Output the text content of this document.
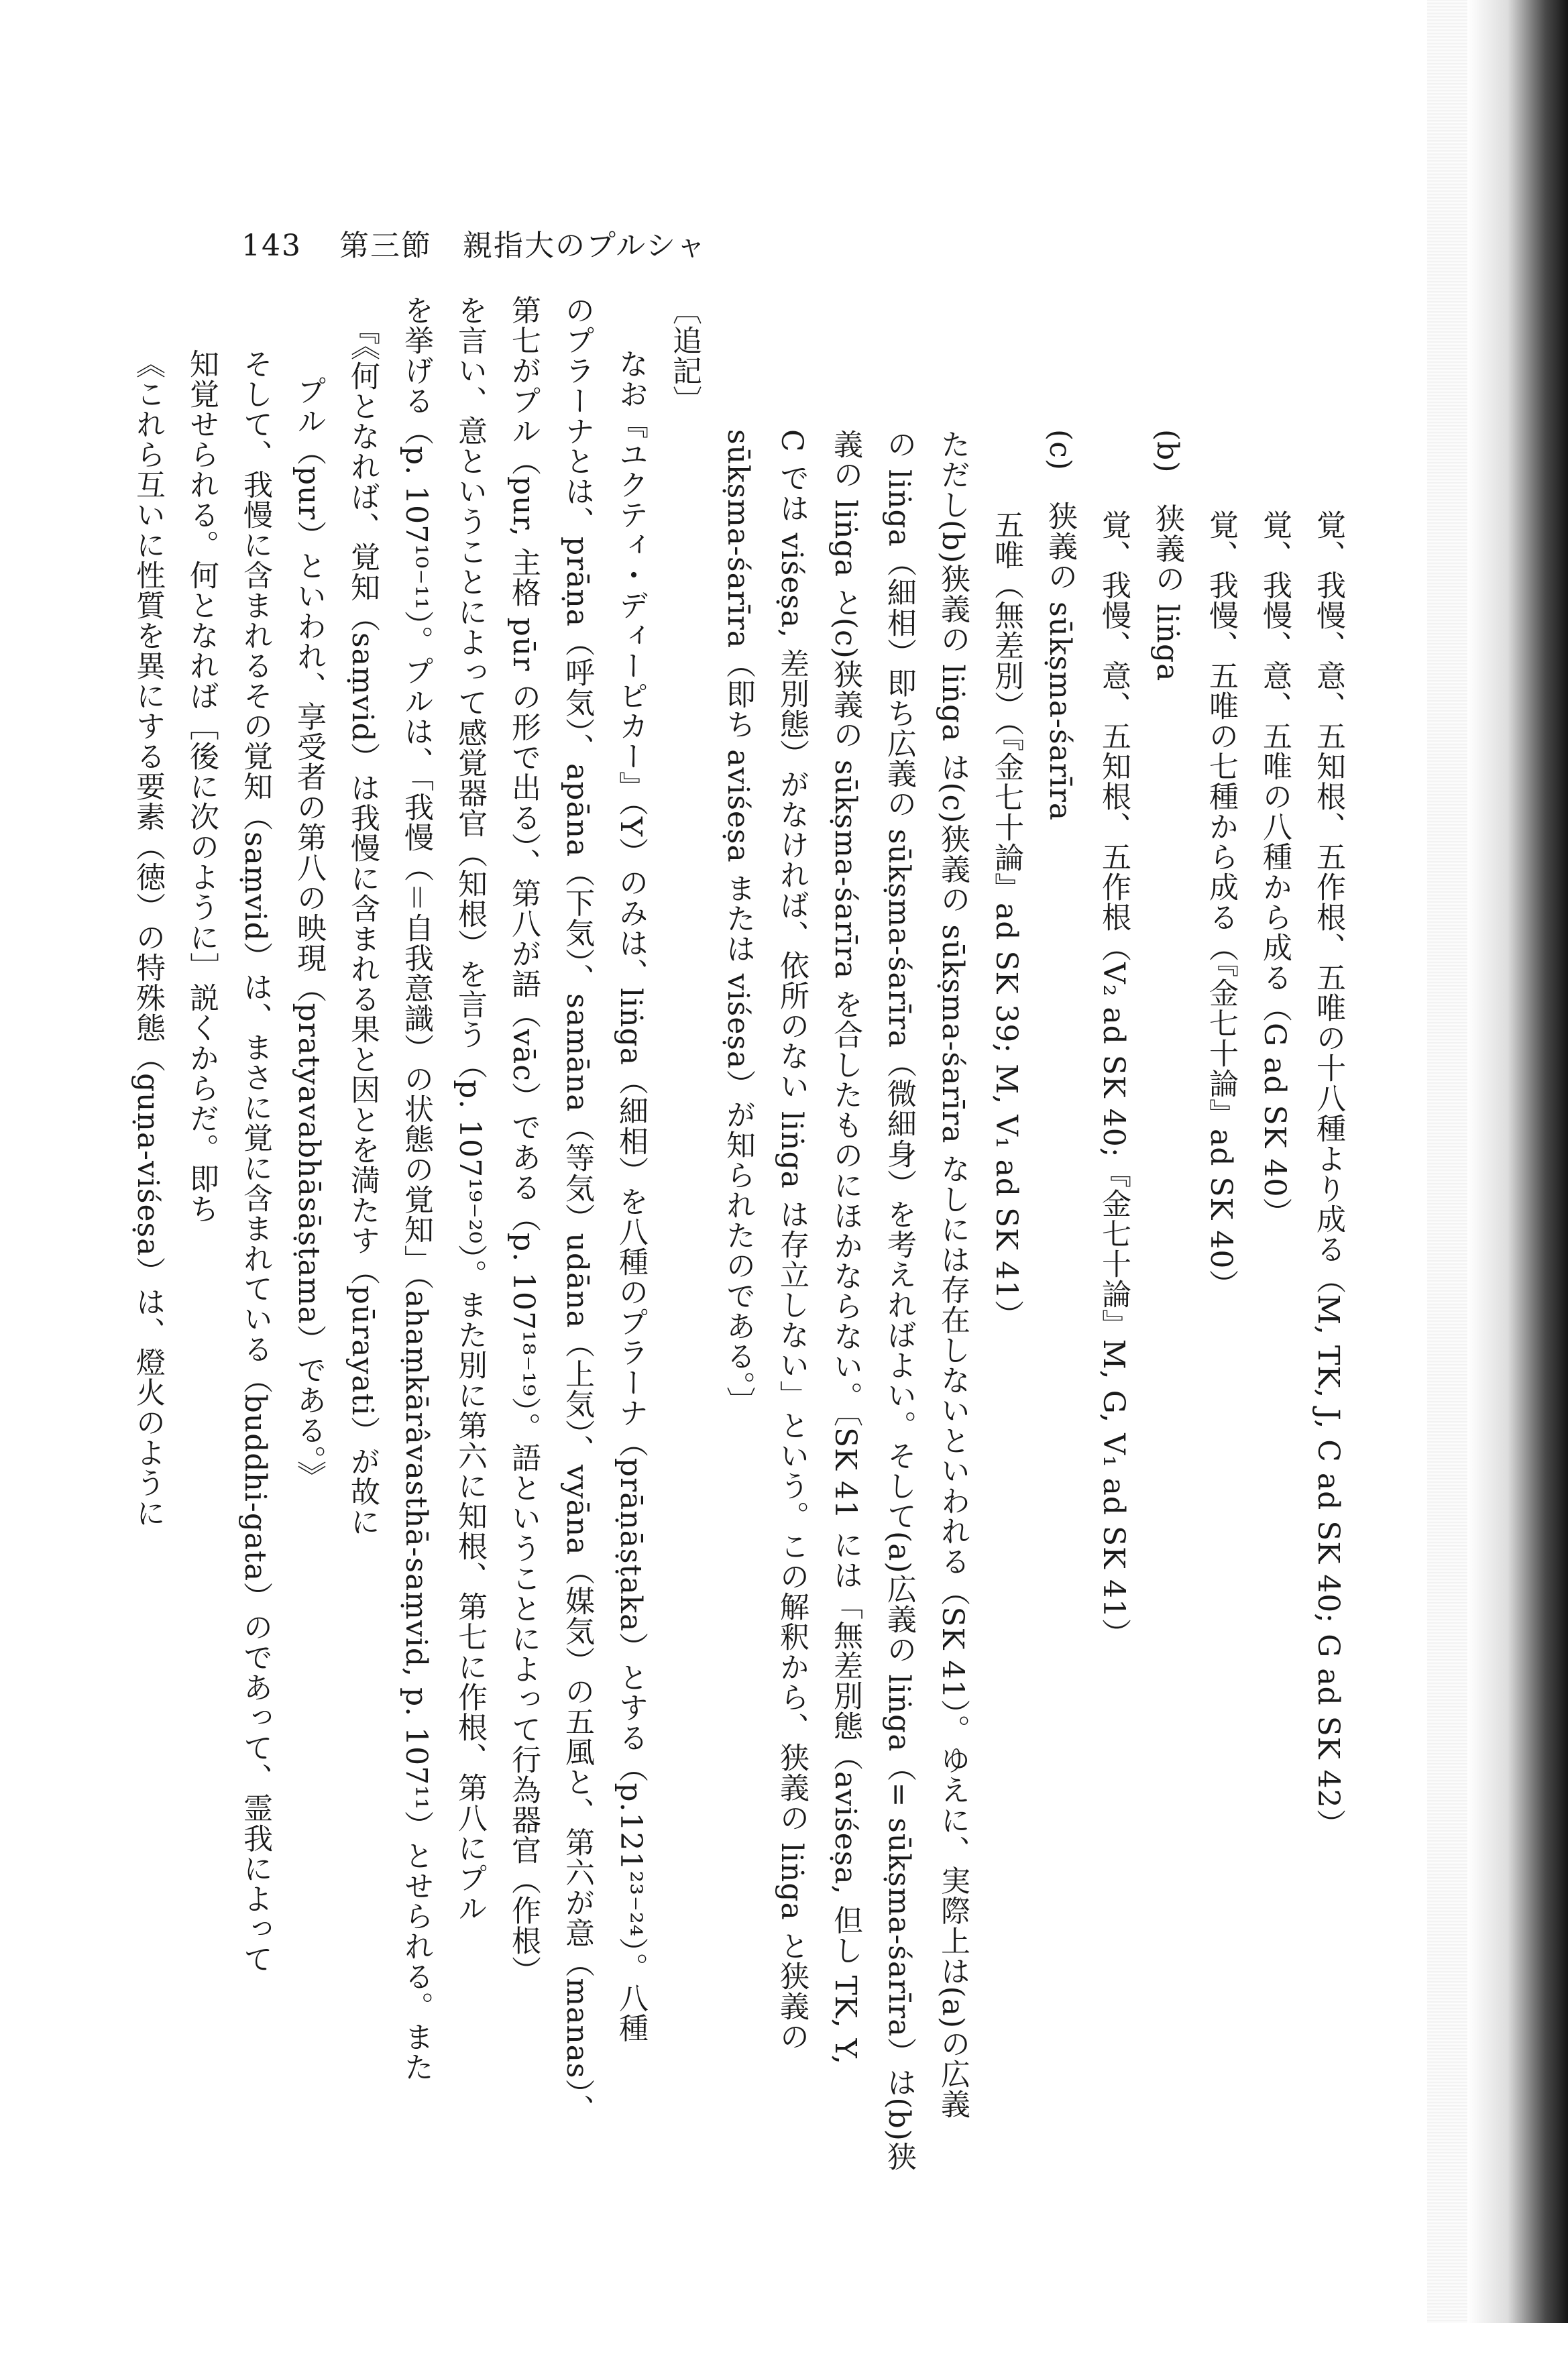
143 第三節　親指大のプルシャ
覚、我慢、意、五知根、五作根、五唯の十八種より成る（M, TK, J, C ad SK 40; G ad SK 42）
覚、我慢、意、五唯の八種から成る（G ad SK 40）
覚、我慢、五唯の七種から成る（『金七十論』ad SK 40）
(b)　狭義の liṅga
覚、我慢、意、五知根、五作根（V₂ ad SK 40;『金七十論』M, G, V₁ ad SK 41）
(c)　狭義の sūkṣma-śarīra
五唯（無差別）（『金七十論』ad SK 39; M, V₁ ad SK 41）
ただし(b)狭義の liṅga は(c)狭義の sūkṣma-śarīra なしには存在しないといわれる（SK 41）。ゆえに、実際上は(a)の広義
の liṅga（細相）即ち広義の sūkṣma-śarīra（微細身）を考えればよい。そして(a)広義の liṅga（= sūkṣma-śarīra）は(b)狭
義の liṅga と(c)狭義の sūkṣma-śarīra を合したものにほかならない。〔SK 41 には「無差別態（aviśeṣa, 但し TK, Y,
C では viśeṣa, 差別態）がなければ、依所のない liṅga は存立しない」という。この解釈から、狭義の liṅga と狭義の
sūkṣma-śarīra（即ち aviśeṣa または viśeṣa）が知られたのである。〕
〔追記〕
なお『ユクティ・ディーピカー』（Y）のみは、liṅga（細相）を八種のプラーナ（prāṇāṣṭaka）とする（p.121²³⁻²⁴）。八種
のプラーナとは、prāṇa（呼気）、apāna（下気）、samāna（等気）udāna（上気）、vyāna（媒気）の五風と、第六が意（manas）、
第七がプル（pur, 主格 pūr の形で出る）、第八が語（vāc）である（p. 107¹⁸⁻¹⁹）。語ということによって行為器官（作根）
を言い、意ということによって感覚器官（知根）を言う（p. 107¹⁹⁻²⁰）。また別に第六に知根、第七に作根、第八にプル
を挙げる（p. 107¹⁰⁻¹¹）。プルは、「我慢（＝自我意識）の状態の覚知」（ahaṃkārâvasthā-saṃvid, p. 107¹¹）とせられる。また
『《何となれば、覚知（saṃvid）は我慢に含まれる果と因とを満たす（pūrayati）が故に
プル（pur）といわれ、享受者の第八の映現（pratyavabhāsāṣṭama）である。》
そして、我慢に含まれるその覚知（saṃvid）は、まさに覚に含まれている（buddhi-gata）のであって、霊我によって
知覚せられる。何となれば［後に次のように］説くからだ。即ち
《これら互いに性質を異にする要素（徳）の特殊態（guṇa-viśeṣa）は、燈火のように
